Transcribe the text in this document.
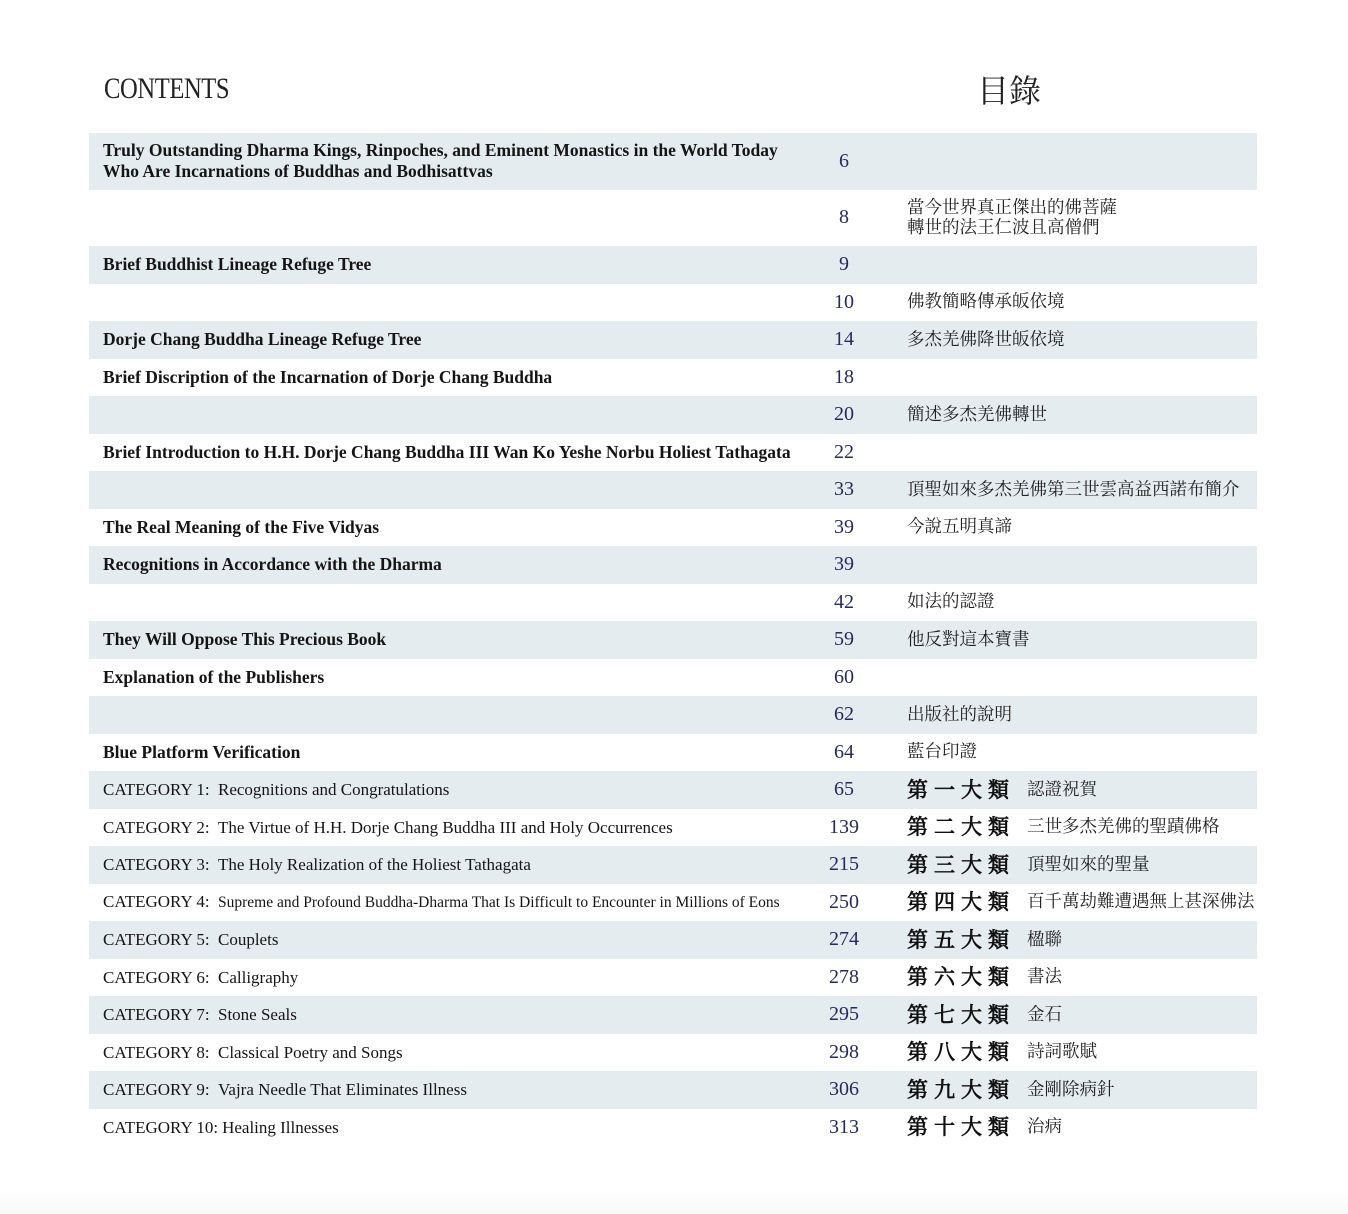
CONTENTS	目錄
Truly Outstanding Dharma Kings, Rinpoches, and Eminent Monastics in the World Today
Who Are Incarnations of Buddhas and Bodhisattvas	6
8	當今世界真正傑出的佛菩薩
轉世的法王仁波且高僧們
Brief Buddhist Lineage Refuge Tree	9
10	佛教簡略傳承皈依境
Dorje Chang Buddha Lineage Refuge Tree	14	多杰羌佛降世皈依境
Brief Discription of the Incarnation of Dorje Chang Buddha	18
20	簡述多杰羌佛轉世
Brief Introduction to H.H. Dorje Chang Buddha III Wan Ko Yeshe Norbu Holiest Tathagata	22
33	頂聖如來多杰羌佛第三世雲高益西諾布簡介
The Real Meaning of the Five Vidyas	39	今說五明真諦
Recognitions in Accordance with the Dharma	39
42	如法的認證
They Will Oppose This Precious Book	59	他反對這本寶書
Explanation of the Publishers	60
62	出版社的說明
Blue Platform Verification	64	藍台印證
CATEGORY 1: Recognitions and Congratulations	65	第一大類 認證祝賀
CATEGORY 2: The Virtue of H.H. Dorje Chang Buddha III and Holy Occurrences	139	第二大類 三世多杰羌佛的聖蹟佛格
CATEGORY 3: The Holy Realization of the Holiest Tathagata	215	第三大類 頂聖如來的聖量
CATEGORY 4: Supreme and Profound Buddha-Dharma That Is Difficult to Encounter in Millions of Eons	250	第四大類 百千萬劫難遭遇無上甚深佛法
CATEGORY 5: Couplets	274	第五大類 楹聯
CATEGORY 6: Calligraphy	278	第六大類 書法
CATEGORY 7: Stone Seals	295	第七大類 金石
CATEGORY 8: Classical Poetry and Songs	298	第八大類 詩詞歌賦
CATEGORY 9: Vajra Needle That Eliminates Illness	306	第九大類 金剛除病針
CATEGORY 10: Healing Illnesses	313	第十大類 治病
